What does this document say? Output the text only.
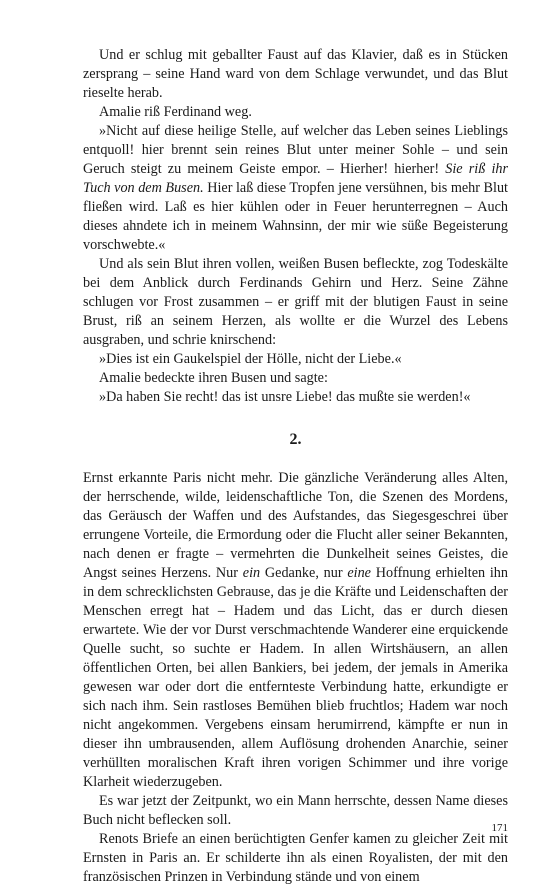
Und er schlug mit geballter Faust auf das Klavier, daß es in Stücken zersprang – seine Hand ward von dem Schlage verwundet, und das Blut rieselte herab.

Amalie riß Ferdinand weg.

»Nicht auf diese heilige Stelle, auf welcher das Leben seines Lieblings entquoll! hier brennt sein reines Blut unter meiner Sohle – und sein Geruch steigt zu meinem Geiste empor. – Hierher! hierher! Sie riß ihr Tuch von dem Busen. Hier laß diese Tropfen jene versühnen, bis mehr Blut fließen wird. Laß es hier kühlen oder in Feuer herunterregnen – Auch dieses ahndete ich in meinem Wahnsinn, der mir wie süße Begeisterung vorschwebte.«

Und als sein Blut ihren vollen, weißen Busen befleckte, zog Todeskälte bei dem Anblick durch Ferdinands Gehirn und Herz. Seine Zähne schlugen vor Frost zusammen – er griff mit der blutigen Faust in seine Brust, riß an seinem Herzen, als wollte er die Wurzel des Lebens ausgraben, und schrie knirschend:

»Dies ist ein Gaukelspiel der Hölle, nicht der Liebe.«

Amalie bedeckte ihren Busen und sagte:

»Da haben Sie recht! das ist unsre Liebe! das mußte sie werden!«

2.

Ernst erkannte Paris nicht mehr. Die gänzliche Veränderung alles Alten, der herrschende, wilde, leidenschaftliche Ton, die Szenen des Mordens, das Geräusch der Waffen und des Aufstandes, das Siegesgeschrei über errungene Vorteile, die Ermordung oder die Flucht aller seiner Bekannten, nach denen er fragte – vermehrten die Dunkelheit seines Geistes, die Angst seines Herzens. Nur ein Gedanke, nur eine Hoffnung erhielten ihn in dem schrecklichsten Gebrause, das je die Kräfte und Leidenschaften der Menschen erregt hat – Hadem und das Licht, das er durch diesen erwartete. Wie der vor Durst verschmachtende Wanderer eine erquickende Quelle sucht, so suchte er Hadem. In allen Wirtshäusern, an allen öffentlichen Orten, bei allen Bankiers, bei jedem, der jemals in Amerika gewesen war oder dort die entfernteste Verbindung hatte, erkundigte er sich nach ihm. Sein rastloses Bemühen blieb fruchtlos; Hadem war noch nicht angekommen. Vergebens einsam herumirrend, kämpfte er nun in dieser ihn umbrausenden, allem Auflösung drohenden Anarchie, seiner verhüllten moralischen Kraft ihren vorigen Schimmer und ihre vorige Klarheit wiederzugeben.

Es war jetzt der Zeitpunkt, wo ein Mann herrschte, dessen Name dieses Buch nicht beflecken soll.

Renots Briefe an einen berüchtigten Genfer kamen zu gleicher Zeit mit Ernsten in Paris an. Er schilderte ihn als einen Royalisten, der mit den französischen Prinzen in Verbindung stände und von einem

171
